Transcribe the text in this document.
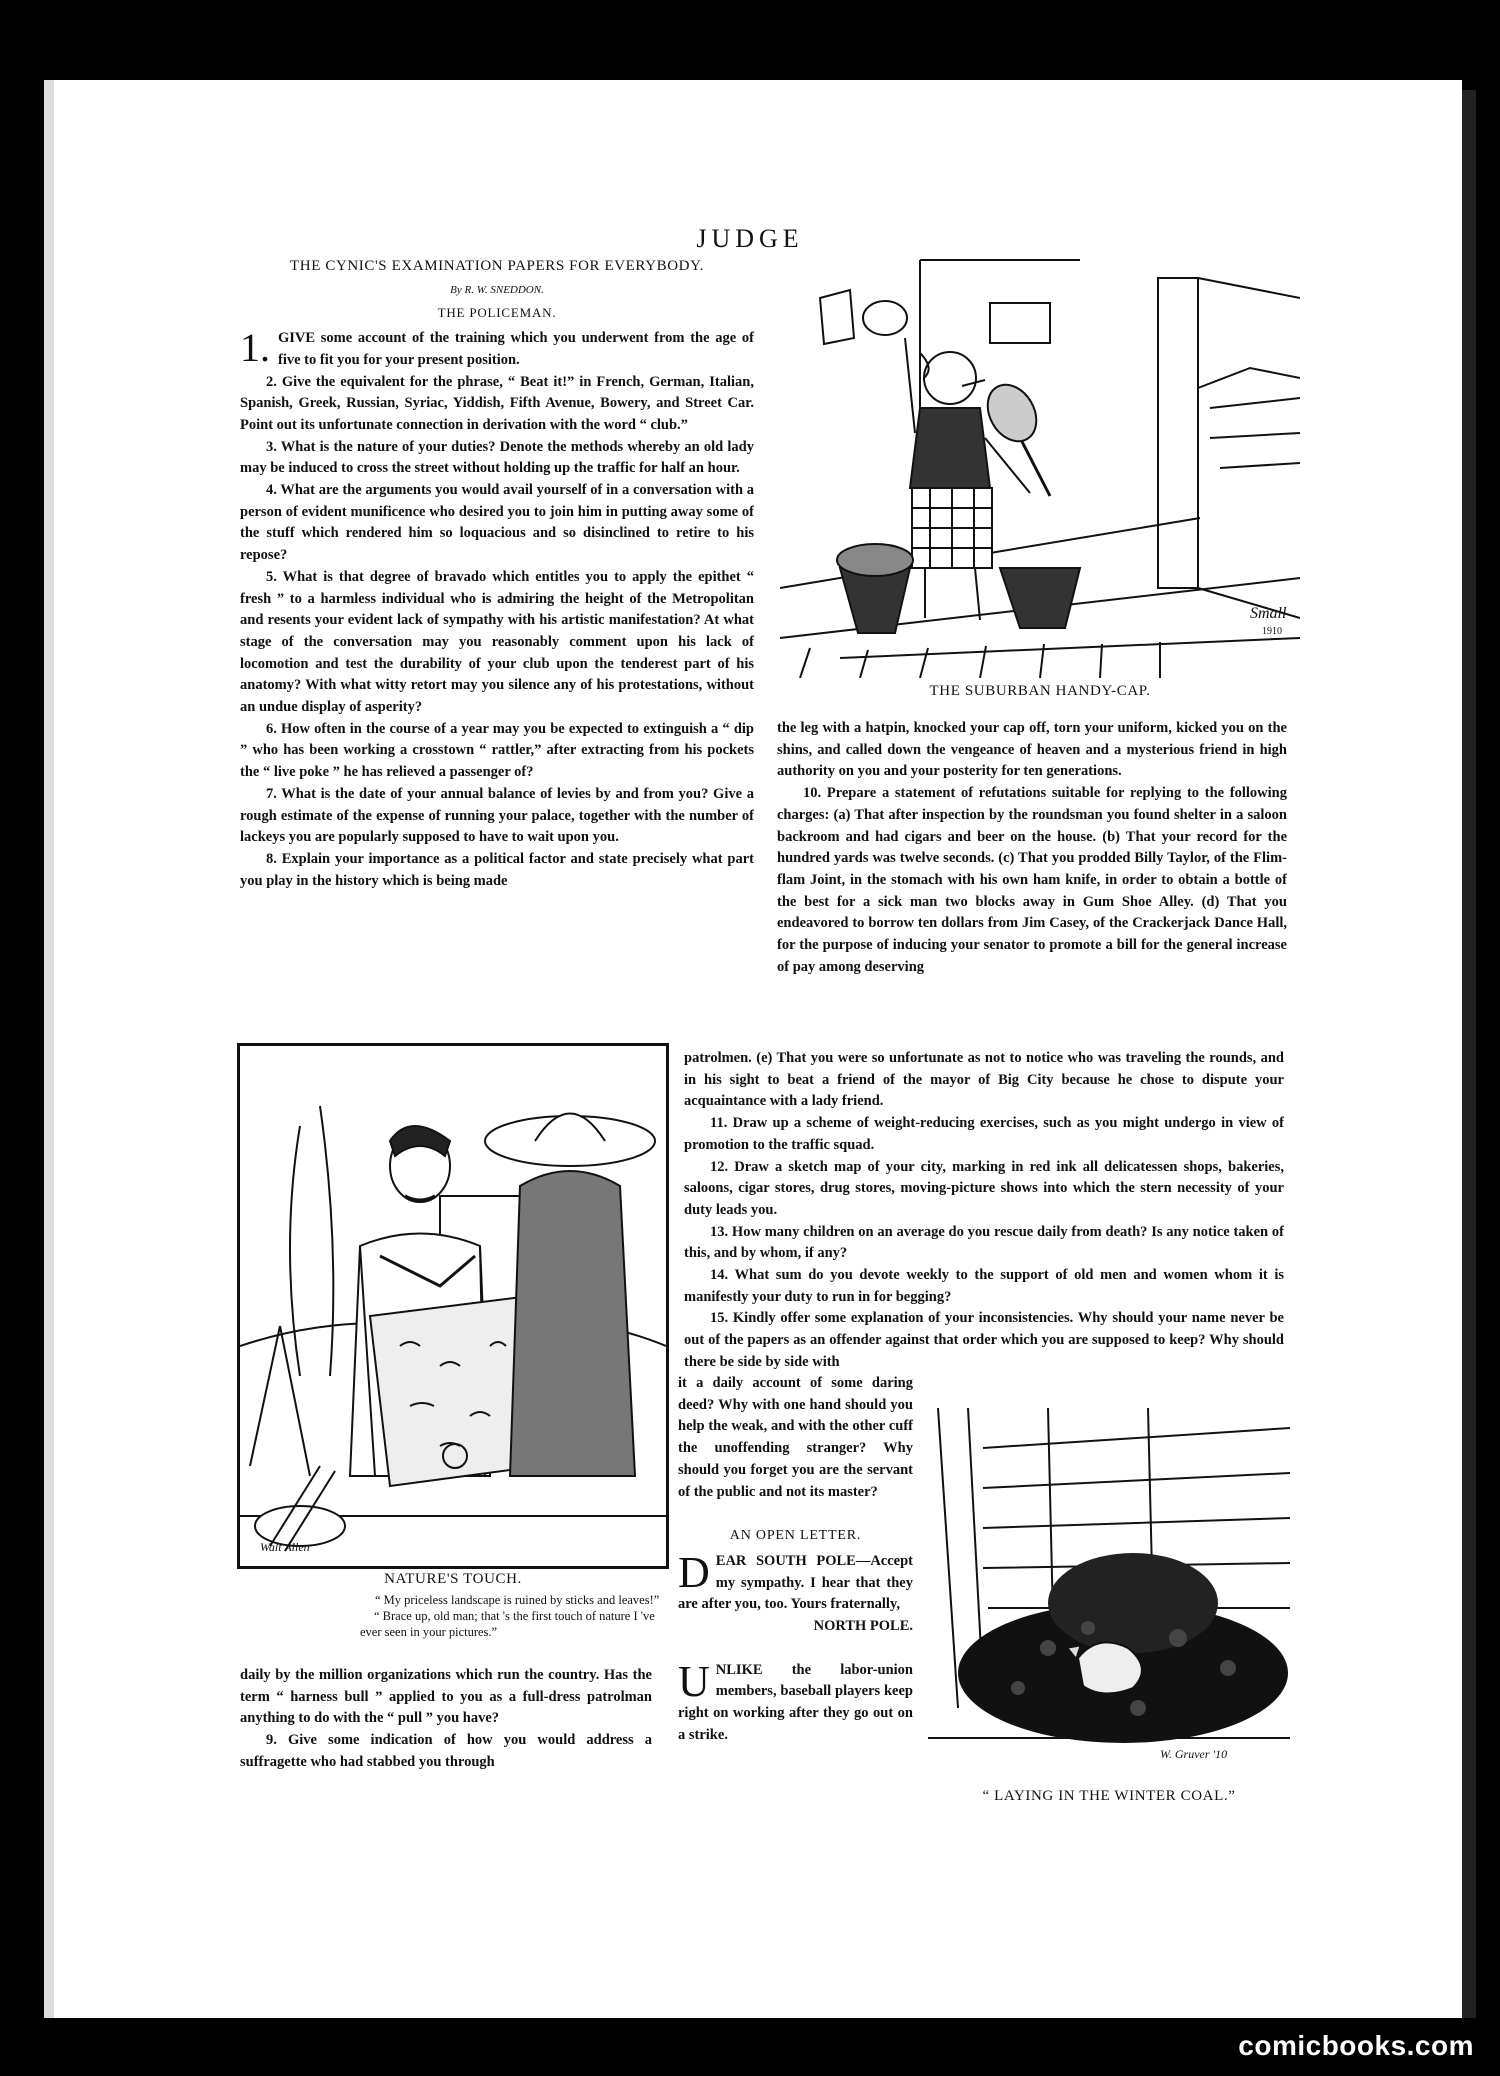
JUDGE
THE CYNIC'S EXAMINATION PAPERS FOR EVERYBODY.
By R. W. SNEDDON.
THE POLICEMAN.

1. GIVE some account of the training which you underwent from the age of five to fit you for your present position.

2. Give the equivalent for the phrase, “ Beat it!” in French, German, Italian, Spanish, Greek, Russian, Syriac, Yiddish, Fifth Avenue, Bowery, and Street Car. Point out its unfortunate connection in derivation with the word “ club.”

3. What is the nature of your duties? Denote the methods whereby an old lady may be induced to cross the street without holding up the traffic for half an hour.

4. What are the arguments you would avail yourself of in a conversation with a person of evident munificence who desired you to join him in putting away some of the stuff which rendered him so loquacious and so disinclined to retire to his repose?

5. What is that degree of bravado which entitles you to apply the epithet “ fresh ” to a harmless individual who is admiring the height of the Metropolitan and resents your evident lack of sympathy with his artistic manifestation? At what stage of the conversation may you reasonably comment upon his lack of locomotion and test the durability of your club upon the tenderest part of his anatomy? With what witty retort may you silence any of his protestations, without an undue display of asperity?

6. How often in the course of a year may you be expected to extinguish a “ dip ” who has been working a crosstown “ rattler,” after extracting from his pockets the “ live poke ” he has relieved a passenger of?

7. What is the date of your annual balance of levies by and from you? Give a rough estimate of the expense of running your palace, together with the number of lackeys you are popularly supposed to have to wait upon you.

8. Explain your importance as a political factor and state precisely what part you play in the history which is being made

Small
1910
THE SUBURBAN HANDY-CAP.

the leg with a hatpin, knocked your cap off, torn your uniform, kicked you on the shins, and called down the vengeance of heaven and a mysterious friend in high authority on you and your posterity for ten generations.

10. Prepare a statement of refutations suitable for replying to the following charges: (a) That after inspection by the roundsman you found shelter in a saloon backroom and had cigars and beer on the house. (b) That your record for the hundred yards was twelve seconds. (c) That you prodded Billy Taylor, of the Flim-flam Joint, in the stomach with his own ham knife, in order to obtain a bottle of the best for a sick man two blocks away in Gum Shoe Alley. (d) That you endeavored to borrow ten dollars from Jim Casey, of the Crackerjack Dance Hall, for the purpose of inducing your senator to promote a bill for the general increase of pay among deserving

Walt Allen
NATURE'S TOUCH.

“ My priceless landscape is ruined by sticks and leaves!”

“ Brace up, old man; that 's the first touch of nature I 've ever seen in your pictures.”

daily by the million organizations which run the country. Has the term “ harness bull ” applied to you as a full-dress patrolman anything to do with the “ pull ” you have?

9. Give some indication of how you would address a suffragette who had stabbed you through

patrolmen. (e) That you were so unfortunate as not to notice who was traveling the rounds, and in his sight to beat a friend of the mayor of Big City because he chose to dispute your acquaintance with a lady friend.

11. Draw up a scheme of weight-reducing exercises, such as you might undergo in view of promotion to the traffic squad.

12. Draw a sketch map of your city, marking in red ink all delicatessen shops, bakeries, saloons, cigar stores, drug stores, moving-picture shows into which the stern necessity of your duty leads you.

13. How many children on an average do you rescue daily from death? Is any notice taken of this, and by whom, if any?

14. What sum do you devote weekly to the support of old men and women whom it is manifestly your duty to run in for begging?

15. Kindly offer some explanation of your inconsistencies. Why should your name never be out of the papers as an offender against that order which you are supposed to keep? Why should there be side by side with

it a daily account of some daring deed? Why with one hand should you help the weak, and with the other cuff the unoffending stranger? Why should you forget you are the servant of the public and not its master?

AN OPEN LETTER.

DEAR SOUTH POLE—Accept my sympathy. I hear that they are after you, too. Yours fraternally,

NORTH POLE.

UNLIKE the labor-union members, baseball players keep right on working after they go out on a strike.

W. Gruver '10
“ LAYING IN THE WINTER COAL.”
comicbooks.com
